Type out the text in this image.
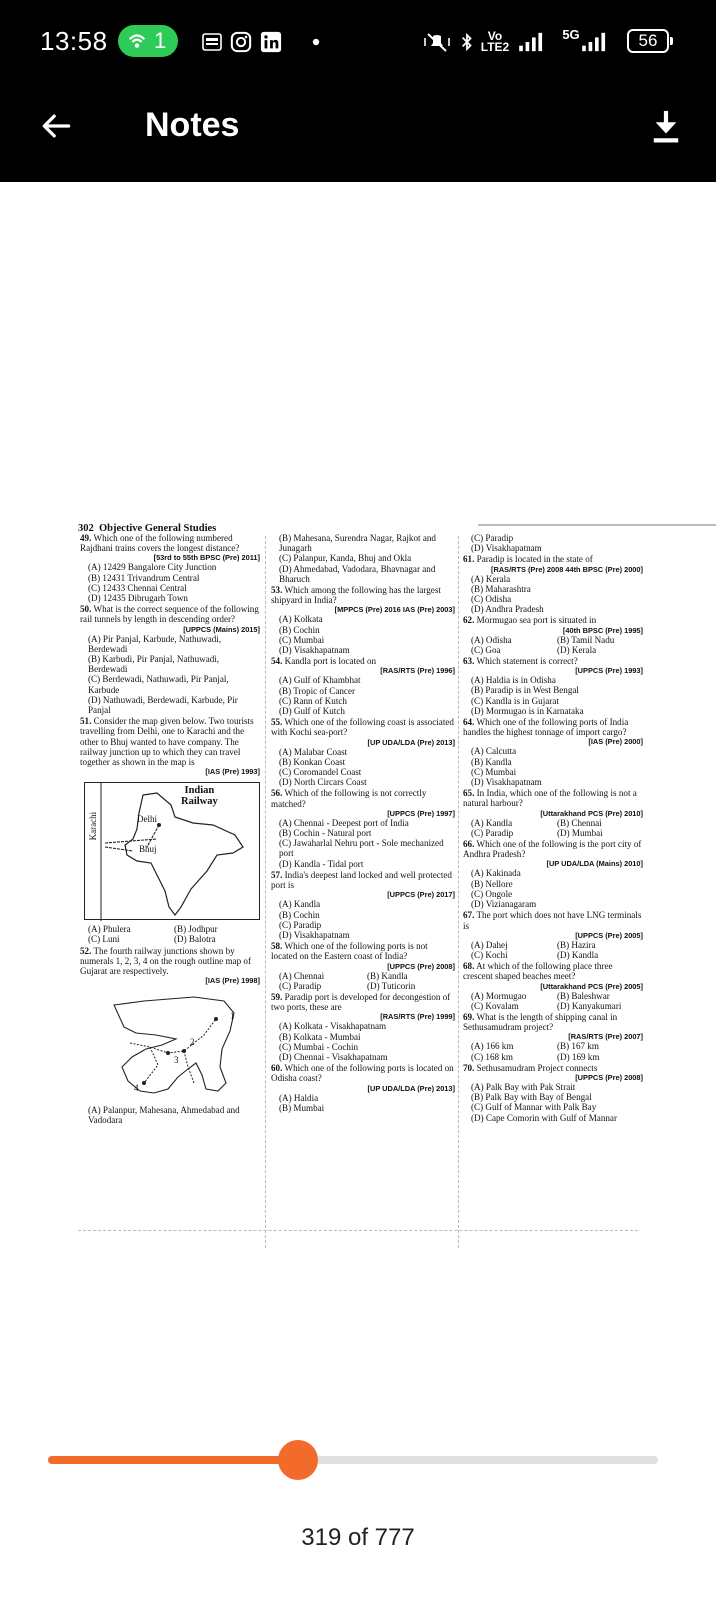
13:58 1	Vo
LTE2
5G	56
Notes
302 Objective General Studies
49. Which one of the following numbered Rajdhani trains covers the longest distance?
[53rd to 55th BPSC (Pre) 2011]
(A) 12429 Bangalore City Junction
(B) 12431 Trivandrum Central
(C) 12433 Chennai Central
(D) 12435 Dibrugarh Town
50. What is the correct sequence of the following rail tunnels by length in descending order?
[UPPCS (Mains) 2015]
(A) Pir Panjal, Karbude, Nathuwadi, Berdewadi
(B) Karbudi, Pir Panjal, Nathuwadi, Berdewadi
(C) Berdewadi, Nathuwadi, Pir Panjal, Karbude
(D) Nathuwadi, Berdewadi, Karbude, Pir Panjal
51. Consider the map given below. Two tourists travelling from Delhi, one to Karachi and the other to Bhuj wanted to have company. The railway junction up to which they can travel together as shown in the map is
[IAS (Pre) 1993]
Indian
Railway
Karachi	Delhi
Bhuj
(A) Phulera	(B) Jodhpur
(C) Luni	(D) Balotra
52. The fourth railway junctions shown by numerals 1, 2, 3, 4 on the rough outline map of Gujarat are respectively.
[IAS (Pre) 1998]
1
2
3
4
(A) Palanpur, Mahesana, Ahmedabad and Vadodara
(B) Mahesana, Surendra Nagar, Rajkot and Junagarh
(C) Palanpur, Kanda, Bhuj and Okla
(D) Ahmedabad, Vadodara, Bhavnagar and Bharuch
53. Which among the following has the largest shipyard in India?
[MPPCS (Pre) 2016 IAS (Pre) 2003]
(A) Kolkata
(B) Cochin
(C) Mumbai
(D) Visakhapatnam
54. Kandla port is located on
[RAS/RTS (Pre) 1996]
(A) Gulf of Khambhat
(B) Tropic of Cancer
(C) Rann of Kutch
(D) Gulf of Kutch
55. Which one of the following coast is associated with Kochi sea-port?
[UP UDA/LDA (Pre) 2013]
(A) Malabar Coast
(B) Konkan Coast
(C) Coromandel Coast
(D) North Circars Coast
56. Which of the following is not correctly matched?
[UPPCS (Pre) 1997]
(A) Chennai - Deepest port of India
(B) Cochin - Natural port
(C) Jawaharlal Nehru port - Sole mechanized port
(D) Kandla - Tidal port
57. India's deepest land locked and well protected port is
[UPPCS (Pre) 2017]
(A) Kandla
(B) Cochin
(C) Paradip
(D) Visakhapatnam
58. Which one of the following ports is not located on the Eastern coast of India?
[UPPCS (Pre) 2008]
(A) Chennai	(B) Kandla
(C) Paradip	(D) Tuticorin
59. Paradip port is developed for decongestion of two ports, these are
[RAS/RTS (Pre) 1999]
(A) Kolkata - Visakhapatnam
(B) Kolkata - Mumbai
(C) Mumbai - Cochin
(D) Chennai - Visakhapatnam
60. Which one of the following ports is located on Odisha coast?
[UP UDA/LDA (Pre) 2013]
(A) Haldia
(B) Mumbai
(C) Paradip
(D) Visakhapatnam
61. Paradip is located in the state of
[RAS/RTS (Pre) 2008 44th BPSC (Pre) 2000]
(A) Kerala
(B) Maharashtra
(C) Odisha
(D) Andhra Pradesh
62. Mormugao sea port is situated in
[40th BPSC (Pre) 1995]
(A) Odisha	(B) Tamil Nadu
(C) Goa	(D) Kerala
63. Which statement is correct?
[UPPCS (Pre) 1993]
(A) Haldia is in Odisha
(B) Paradip is in West Bengal
(C) Kandla is in Gujarat
(D) Mormugao is in Karnataka
64. Which one of the following ports of India handles the highest tonnage of import cargo?
[IAS (Pre) 2000]
(A) Calcutta
(B) Kandla
(C) Mumbai
(D) Visakhapatnam
65. In India, which one of the following is not a natural harbour?
[Uttarakhand PCS (Pre) 2010]
(A) Kandla	(B) Chennai
(C) Paradip	(D) Mumbai
66. Which one of the following is the port city of Andhra Pradesh?
[UP UDA/LDA (Mains) 2010]
(A) Kakinada
(B) Nellore
(C) Ongole
(D) Vizianagaram
67. The port which does not have LNG terminals is
[UPPCS (Pre) 2005]
(A) Dahej	(B) Hazira
(C) Kochi	(D) Kandla
68. At which of the following place three crescent shaped beaches meet?
[Uttarakhand PCS (Pre) 2005]
(A) Mormugao	(B) Baleshwar
(C) Kovalam	(D) Kanyakumari
69. What is the length of shipping canal in Sethusamudram project?
[RAS/RTS (Pre) 2007]
(A) 166 km	(B) 167 km
(C) 168 km	(D) 169 km
70. Sethusamudram Project connects
[UPPCS (Pre) 2008]
(A) Palk Bay with Pak Strait
(B) Palk Bay with Bay of Bengal
(C) Gulf of Mannar with Palk Bay
(D) Cape Comorin with Gulf of Mannar
319 of 777
